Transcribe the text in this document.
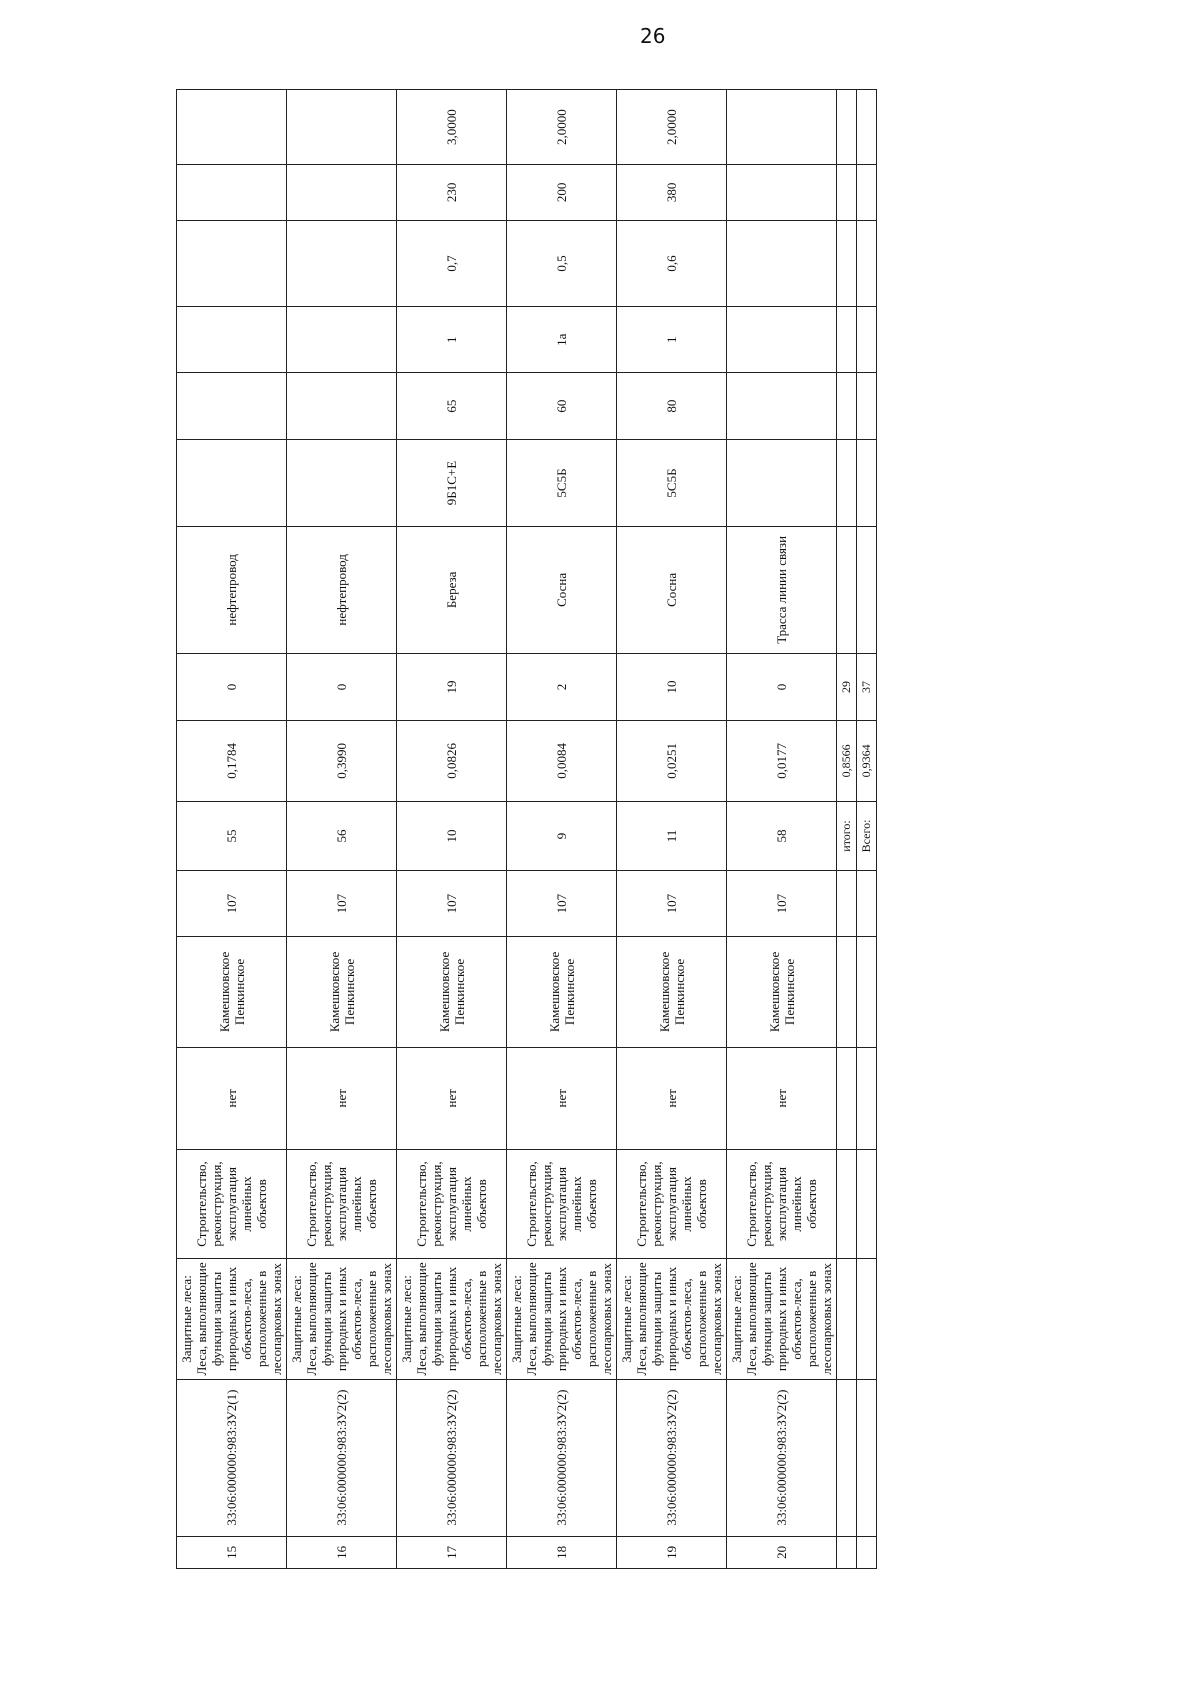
26
15	33:06:000000:983:ЗУ2(1)	Защитные леса: Леса, выполняющие функции защиты природных и иных объектов-леса, расположенные в лесопарковых зонах	Строительство, реконструкция, эксплуатация линейных объектов	нет	Камешковское Пенкинское	107	55	0,1784	0	нефтепровод						
16	33:06:000000:983:ЗУ2(2)	Защитные леса: Леса, выполняющие функции защиты природных и иных объектов-леса, расположенные в лесопарковых зонах	Строительство, реконструкция, эксплуатация линейных объектов	нет	Камешковское Пенкинское	107	56	0,3990	0	нефтепровод						
17	33:06:000000:983:ЗУ2(2)	Защитные леса: Леса, выполняющие функции защиты природных и иных объектов-леса, расположенные в лесопарковых зонах	Строительство, реконструкция, эксплуатация линейных объектов	нет	Камешковское Пенкинское	107	10	0,0826	19	Береза	9Б1С+Е	65	1	0,7	230	3,0000
18	33:06:000000:983:ЗУ2(2)	Защитные леса: Леса, выполняющие функции защиты природных и иных объектов-леса, расположенные в лесопарковых зонах	Строительство, реконструкция, эксплуатация линейных объектов	нет	Камешковское Пенкинское	107	9	0,0084	2	Сосна	5С5Б	60	1а	0,5	200	2,0000
19	33:06:000000:983:ЗУ2(2)	Защитные леса: Леса, выполняющие функции защиты природных и иных объектов-леса, расположенные в лесопарковых зонах	Строительство, реконструкция, эксплуатация линейных объектов	нет	Камешковское Пенкинское	107	11	0,0251	10	Сосна	5С5Б	80	1	0,6	380	2,0000
20	33:06:000000:983:ЗУ2(2)	Защитные леса: Леса, выполняющие функции защиты природных и иных объектов-леса, расположенные в лесопарковых зонах	Строительство, реконструкция, эксплуатация линейных объектов	нет	Камешковское Пенкинское	107	58	0,0177	0	Трасса линии связи						
							итого:	0,8566	29							
							Всего:	0,9364	37							
